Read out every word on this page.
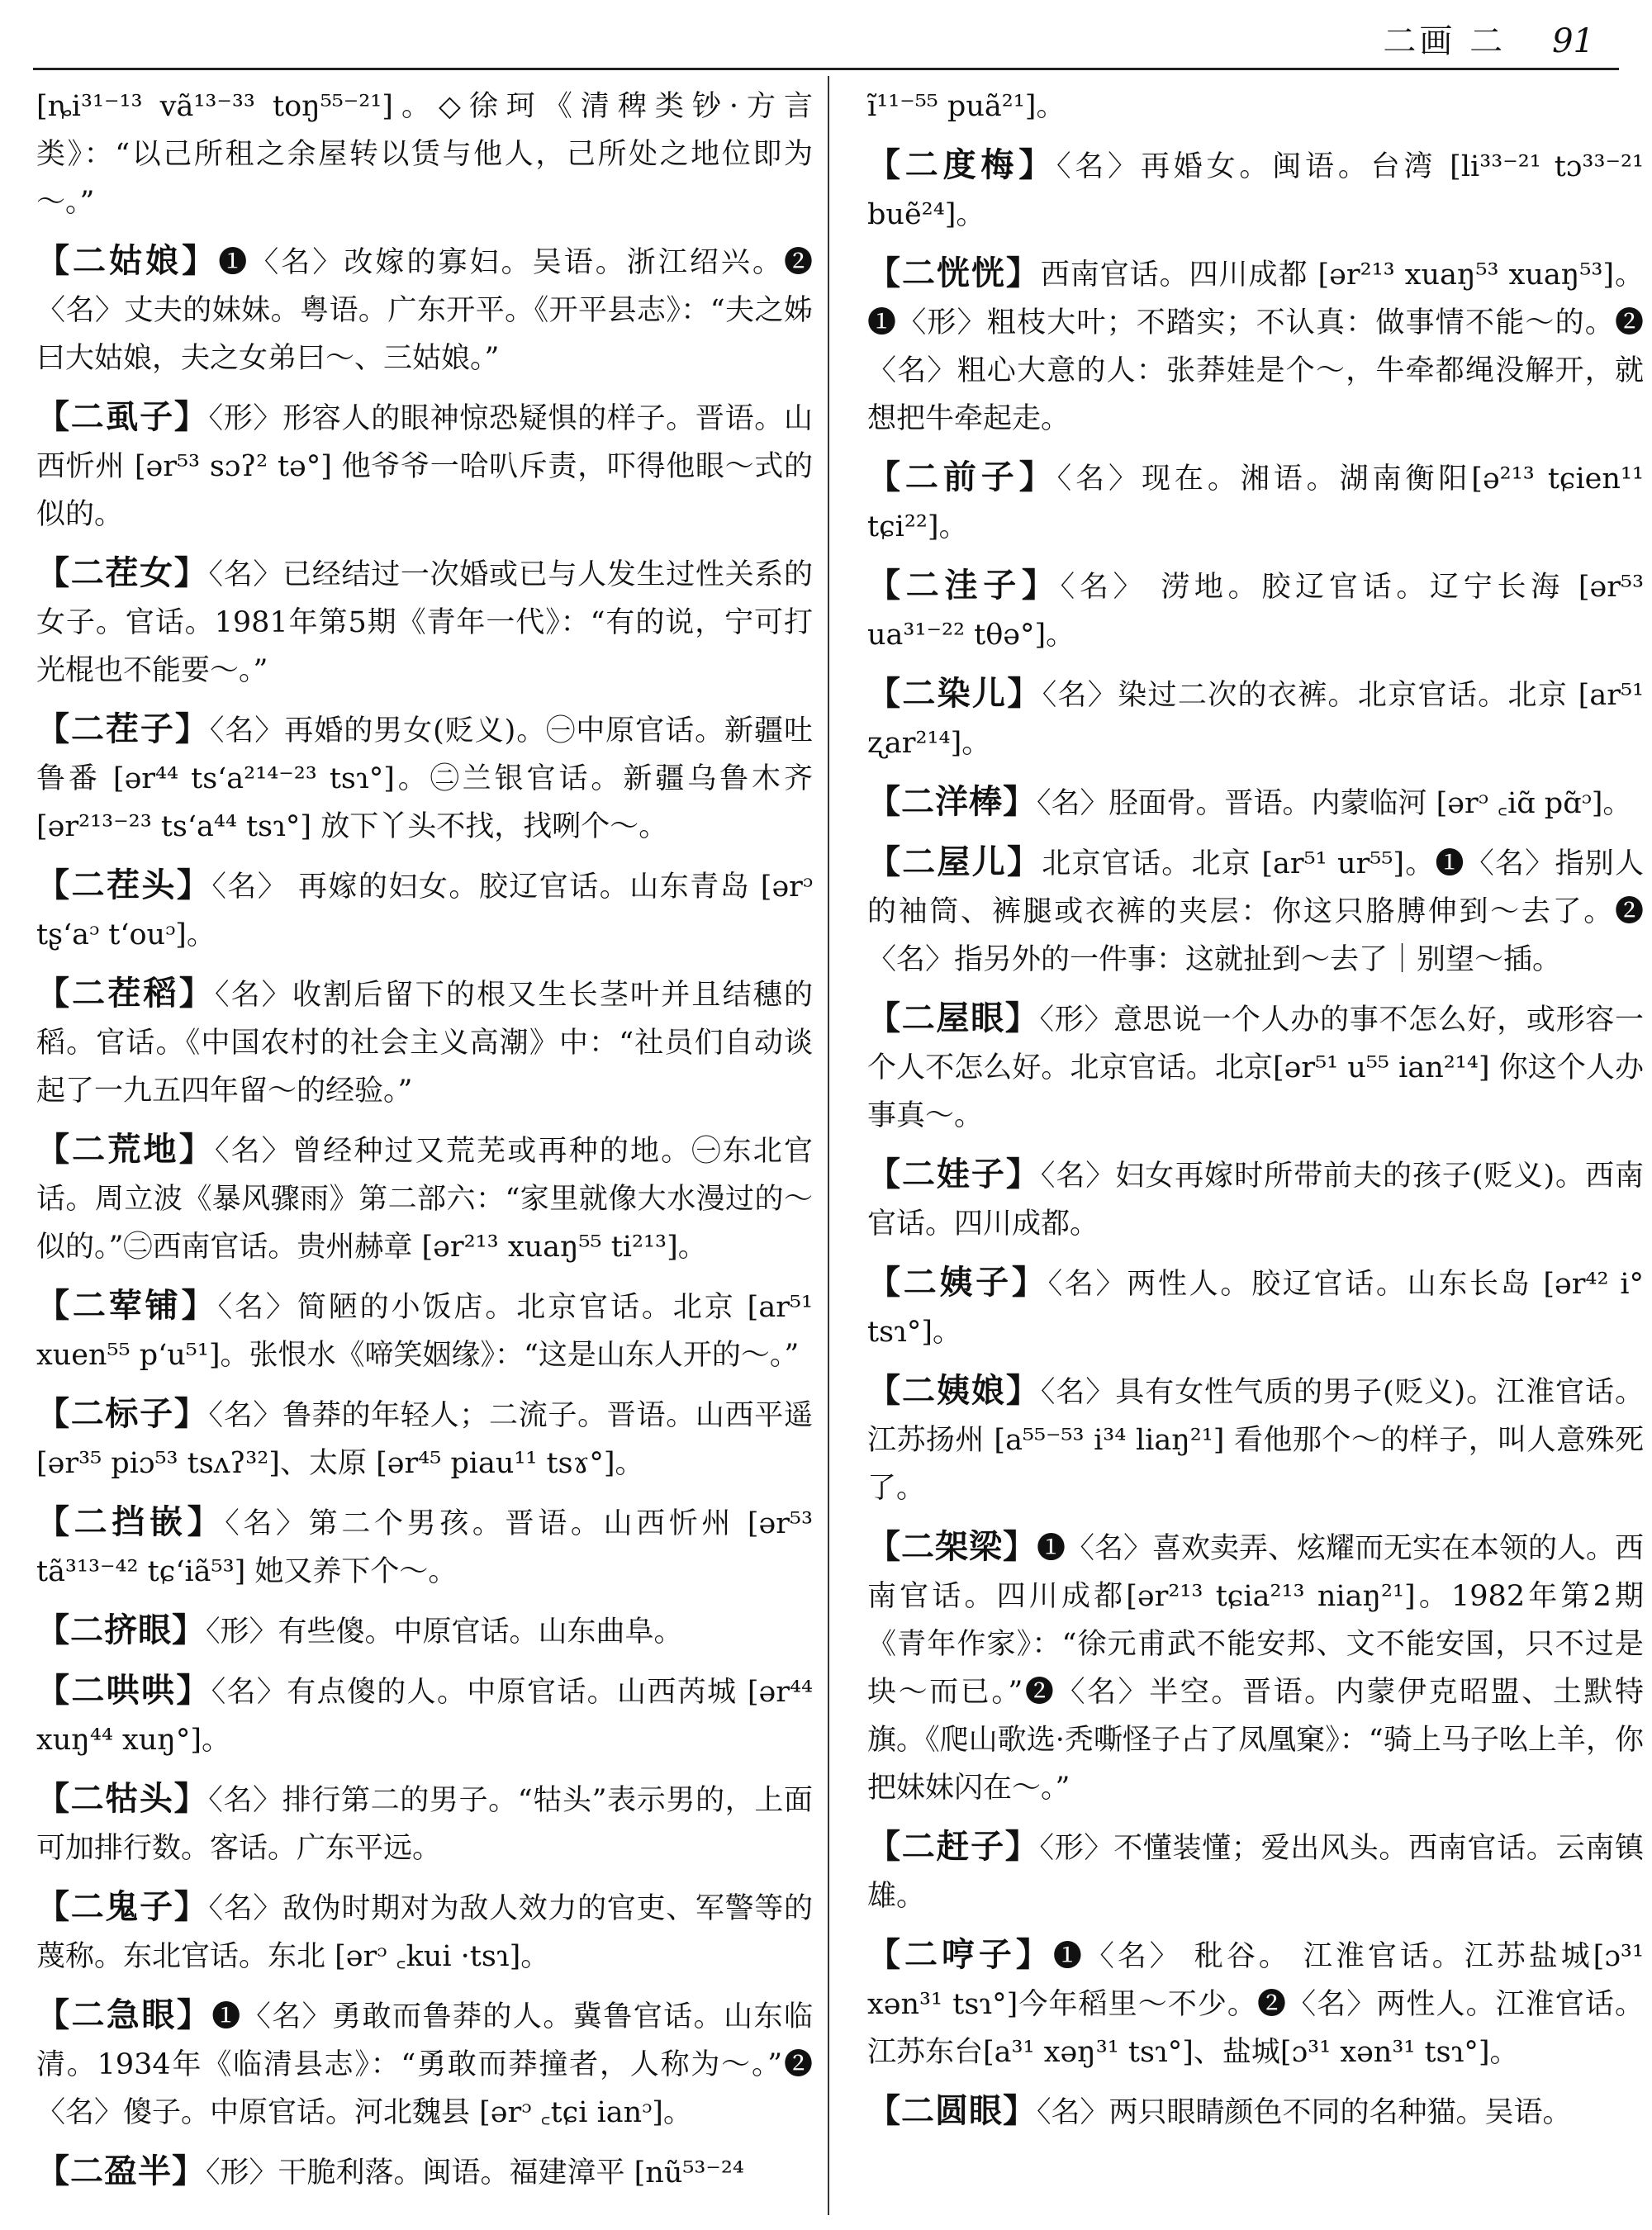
二画 二 91

[ȵi³¹⁻¹³ vã¹³⁻³³ toŋ⁵⁵⁻²¹]。◇徐珂《清稗类钞·方言类》：“以己所租之余屋转以赁与他人，己所处之地位即为～。”

【二姑娘】❶〈名〉改嫁的寡妇。吴语。浙江绍兴。❷〈名〉丈夫的妹妹。粤语。广东开平。《开平县志》：“夫之姊曰大姑娘，夫之女弟曰～、三姑娘。”

【二虱子】〈形〉形容人的眼神惊恐疑惧的样子。晋语。山西忻州 [ər⁵³ sɔʔ² tə°] 他爷爷一哈叭斥责，吓得他眼～式的似的。

【二茬女】〈名〉已经结过一次婚或已与人发生过性关系的女子。官话。1981年第5期《青年一代》：“有的说，宁可打光棍也不能要～。”

【二茬子】〈名〉再婚的男女(贬义)。㊀中原官话。新疆吐鲁番 [ər⁴⁴ ts‘a²¹⁴⁻²³ tsɿ°]。㊁兰银官话。新疆乌鲁木齐[ər²¹³⁻²³ ts‘a⁴⁴ tsɿ°] 放下丫头不找，找咧个～。

【二茬头】〈名〉 再嫁的妇女。胶辽官话。山东青岛 [ərᵓ tʂ‘aᵓ t‘ouᵓ]。

【二茬稻】〈名〉收割后留下的根又生长茎叶并且结穗的稻。官话。《中国农村的社会主义高潮》中：“社员们自动谈起了一九五四年留～的经验。”

【二荒地】〈名〉曾经种过又荒芜或再种的地。㊀东北官话。周立波《暴风骤雨》第二部六：“家里就像大水漫过的～似的。”㊁西南官话。贵州赫章 [ər²¹³ xuaŋ⁵⁵ ti²¹³]。

【二荤铺】〈名〉简陋的小饭店。北京官话。北京 [ar⁵¹ xuen⁵⁵ p‘u⁵¹]。张恨水《啼笑姻缘》：“这是山东人开的～。”

【二标子】〈名〉鲁莽的年轻人；二流子。晋语。山西平遥 [ər³⁵ piɔ⁵³ tsʌʔ³²]、太原 [ər⁴⁵ piau¹¹ tsɤ°]。

【二挡嵌】〈名〉第二个男孩。晋语。山西忻州 [ər⁵³ tã³¹³⁻⁴² tɕ‘iã⁵³] 她又养下个～。

【二挤眼】〈形〉有些傻。中原官话。山东曲阜。

【二哄哄】〈名〉有点傻的人。中原官话。山西芮城 [ər⁴⁴ xuŋ⁴⁴ xuŋ°]。

【二牯头】〈名〉排行第二的男子。“牯头”表示男的，上面可加排行数。客话。广东平远。

【二鬼子】〈名〉敌伪时期对为敌人效力的官吏、军警等的蔑称。东北官话。东北 [ərᵓ ꜀kui ·tsɿ]。

【二急眼】❶〈名〉勇敢而鲁莽的人。冀鲁官话。山东临清。1934年《临清县志》：“勇敢而莽撞者，人称为～。”❷〈名〉傻子。中原官话。河北魏县 [ərᵓ ꜀tɕi ianᵓ]。

【二盈半】〈形〉干脆利落。闽语。福建漳平 [nũ⁵³⁻²⁴

ĩ¹¹⁻⁵⁵ puã²¹]。

【二度梅】〈名〉再婚女。闽语。台湾 [li³³⁻²¹ tɔ³³⁻²¹ buẽ²⁴]。

【二恍恍】西南官话。四川成都 [ər²¹³ xuaŋ⁵³ xuaŋ⁵³]。❶〈形〉粗枝大叶；不踏实；不认真：做事情不能～的。❷〈名〉粗心大意的人：张莽娃是个～，牛牵都绳没解开，就想把牛牵起走。

【二前子】〈名〉现在。湘语。湖南衡阳[ə²¹³ tɕien¹¹ tɕi²²]。

【二洼子】〈名〉 涝地。胶辽官话。辽宁长海 [ər⁵³ ua³¹⁻²² tθə°]。

【二染儿】〈名〉染过二次的衣裤。北京官话。北京 [ar⁵¹ ʐar²¹⁴]。

【二洋棒】〈名〉胫面骨。晋语。内蒙临河 [ərᵓ ꜀iɑ̃ pɑ̃ᵓ]。

【二屋儿】北京官话。北京 [ar⁵¹ ur⁵⁵]。❶〈名〉指别人的袖筒、裤腿或衣裤的夹层：你这只胳膊伸到～去了。❷〈名〉指另外的一件事：这就扯到～去了｜别望～插。

【二屋眼】〈形〉意思说一个人办的事不怎么好，或形容一个人不怎么好。北京官话。北京[ər⁵¹ u⁵⁵ ian²¹⁴] 你这个人办事真～。

【二娃子】〈名〉妇女再嫁时所带前夫的孩子(贬义)。西南官话。四川成都。

【二姨子】〈名〉两性人。胶辽官话。山东长岛 [ər⁴² i° tsɿ°]。

【二姨娘】〈名〉具有女性气质的男子(贬义)。江淮官话。江苏扬州 [a⁵⁵⁻⁵³ i³⁴ liaŋ²¹] 看他那个～的样子，叫人意殊死了。

【二架梁】❶〈名〉喜欢卖弄、炫耀而无实在本领的人。西南官话。四川成都[ər²¹³ tɕia²¹³ niaŋ²¹]。1982年第2期《青年作家》：“徐元甫武不能安邦、文不能安国，只不过是块～而已。”❷〈名〉半空。晋语。内蒙伊克昭盟、土默特旗。《爬山歌选·秃嘶怪子占了凤凰窠》：“骑上马子吆上羊，你把妹妹闪在～。”

【二赶子】〈形〉不懂装懂；爱出风头。西南官话。云南镇雄。

【二哼子】❶〈名〉 秕谷。 江淮官话。江苏盐城[ɔ³¹ xən³¹ tsɿ°]今年稻里～不少。❷〈名〉两性人。江淮官话。江苏东台[a³¹ xəŋ³¹ tsɿ°]、盐城[ɔ³¹ xən³¹ tsɿ°]。

【二圆眼】〈名〉两只眼睛颜色不同的名种猫。吴语。
